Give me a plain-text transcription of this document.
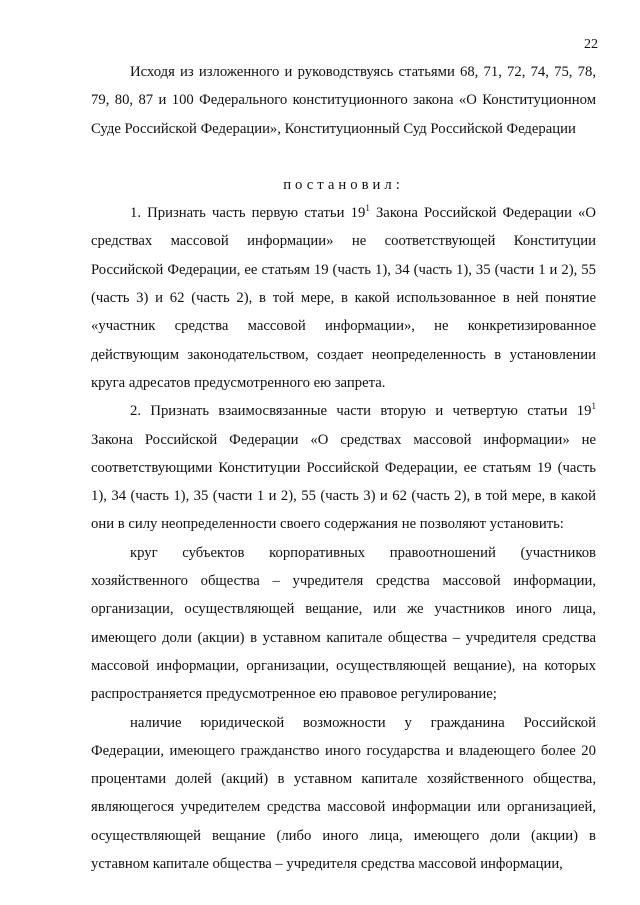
22

Исходя из изложенного и руководствуясь статьями 68, 71, 72, 74, 75, 78, 79, 80, 87 и 100 Федерального конституционного закона «О Конституционном Суде Российской Федерации», Конституционный Суд Российской Федерации

постановил:

1. Признать часть первую статьи $19^1$ Закона Российской Федерации «О средствах массовой информации» не соответствующей Конституции Российской Федерации, ее статьям 19 (часть 1), 34 (часть 1), 35 (части 1 и 2), 55 (часть 3) и 62 (часть 2), в той мере, в какой использованное в ней понятие «участник средства массовой информации», не конкретизированное действующим законодательством, создает неопределенность в установлении круга адресатов предусмотренного ею запрета.

2. Признать взаимосвязанные части вторую и четвертую статьи $19^1$ Закона Российской Федерации «О средствах массовой информации» не соответствующими Конституции Российской Федерации, ее статьям 19 (часть 1), 34 (часть 1), 35 (части 1 и 2), 55 (часть 3) и 62 (часть 2), в той мере, в какой они в силу неопределенности своего содержания не позволяют установить:

круг субъектов корпоративных правоотношений (участников хозяйственного общества – учредителя средства массовой информации, организации, осуществляющей вещание, или же участников иного лица, имеющего доли (акции) в уставном капитале общества – учредителя средства массовой информации, организации, осуществляющей вещание), на которых распространяется предусмотренное ею правовое регулирование;

наличие юридической возможности у гражданина Российской Федерации, имеющего гражданство иного государства и владеющего более 20 процентами долей (акций) в уставном капитале хозяйственного общества, являющегося учредителем средства массовой информации или организацией, осуществляющей вещание (либо иного лица, имеющего доли (акции) в уставном капитале общества – учредителя средства массовой информации,
